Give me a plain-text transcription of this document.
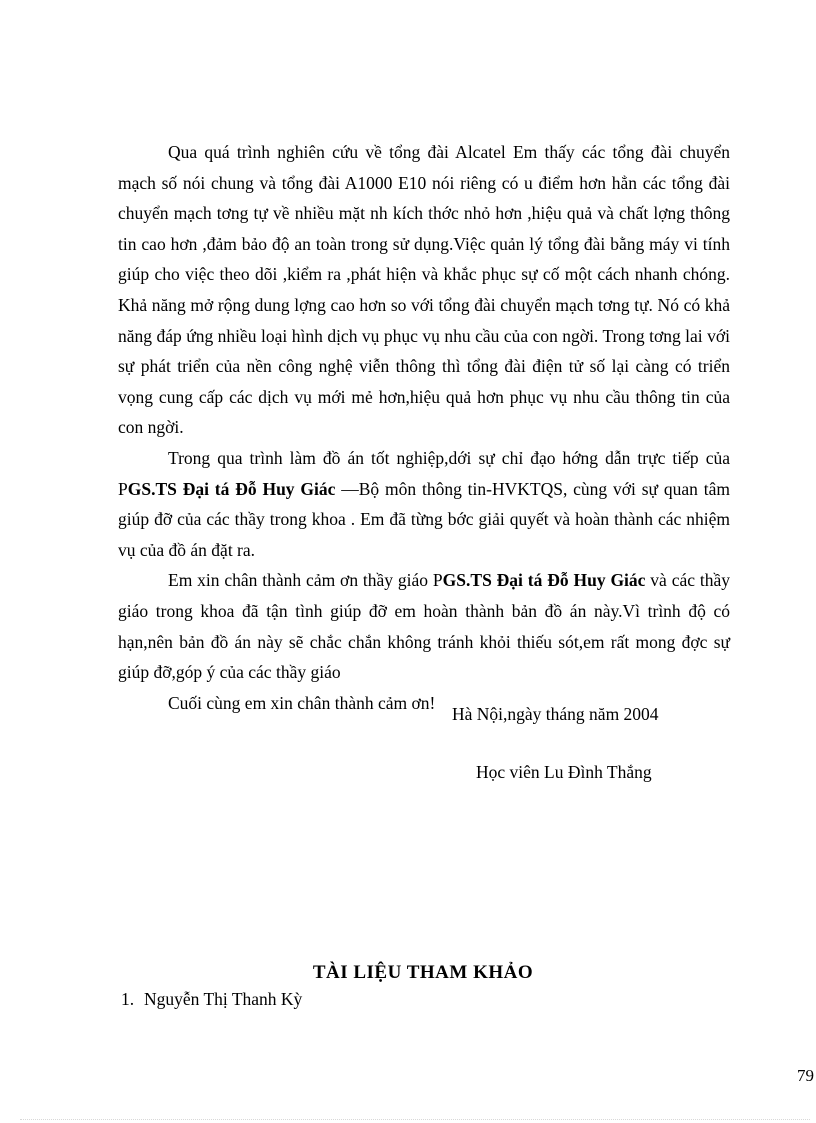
Qua quá trình nghiên cứu về tổng đài Alcatel Em thấy các tổng đài chuyển mạch số nói chung và tổng đài A1000 E10 nói riêng có u điểm hơn hẳn các tổng đài chuyển mạch tơng tự về nhiều mặt nh kích thớc nhỏ hơn ,hiệu quả và chất lợng thông tin cao hơn ,đảm bảo độ an toàn trong sử dụng.Việc quản lý tổng đài bằng máy vi tính giúp cho việc theo dõi ,kiểm ra ,phát hiện và khắc phục sự cố một cách nhanh chóng. Khả năng mở rộng dung lợng cao hơn so với tổng đài chuyển mạch tơng tự. Nó có khả năng đáp ứng nhiều loại hình dịch vụ phục vụ nhu cầu của con ngời. Trong tơng lai với sự phát triển của nền công nghệ viễn thông thì tổng đài điện tử số lại càng có triển vọng cung cấp các dịch vụ mới mẻ hơn,hiệu quả hơn phục vụ nhu cầu thông tin của con ngời.

Trong qua trình làm đồ án tốt nghiệp,dới sự chỉ đạo hớng dẫn trực tiếp của PGS.TS Đại tá Đỗ Huy Giác —Bộ môn thông tin-HVKTQS, cùng với sự quan tâm giúp đỡ của các thầy trong khoa . Em đã từng bớc giải quyết và hoàn thành các nhiệm vụ của đồ án đặt ra.

Em xin chân thành cảm ơn thầy giáo PGS.TS Đại tá Đỗ Huy Giác và các thầy giáo trong khoa đã tận tình giúp đỡ em hoàn thành bản đồ án này.Vì trình độ có hạn,nên bản đồ án này sẽ chắc chắn không tránh khỏi thiếu sót,em rất mong đợc sự giúp đỡ,góp ý của các thầy giáo

Cuối cùng em xin chân thành cảm ơn!

Hà Nội,ngày tháng năm 2004
Học viên Lu Đình Thắng
TÀI LIỆU THAM KHẢO
1. Nguyễn Thị Thanh Kỳ
79
